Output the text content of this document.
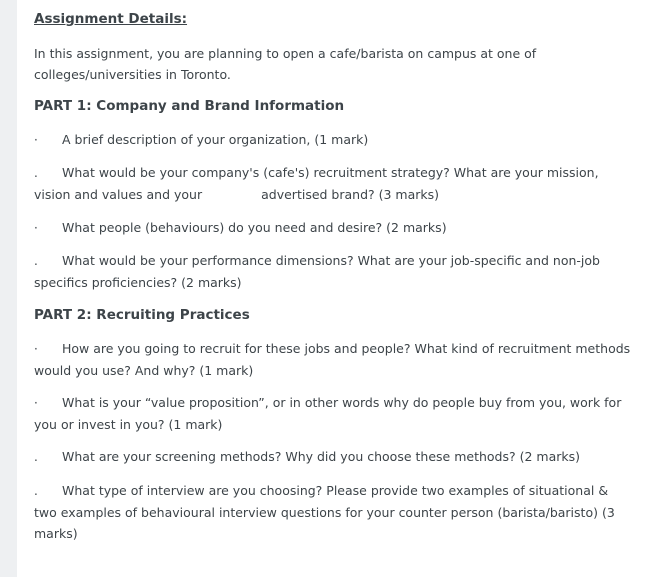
Assignment Details:
In this assignment, you are planning to open a cafe/barista on campus at one of
colleges/universities in Toronto.
PART 1: Company and Brand Information
· A brief description of your organization, (1 mark)
. What would be your company's (cafe's) recruitment strategy? What are your mission, vision and values and your	advertised brand? (3 marks)
· What people (behaviours) do you need and desire? (2 marks)
. What would be your performance dimensions? What are your job-specific and non-job specifics proficiencies? (2 marks)
PART 2: Recruiting Practices
· How are you going to recruit for these jobs and people? What kind of recruitment methods would you use? And why? (1 mark)
· What is your “value proposition”, or in other words why do people buy from you, work for you or invest in you? (1 mark)
. What are your screening methods? Why did you choose these methods? (2 marks)
. What type of interview are you choosing? Please provide two examples of situational & two examples of behavioural interview questions for your counter person (barista/baristo) (3 marks)
